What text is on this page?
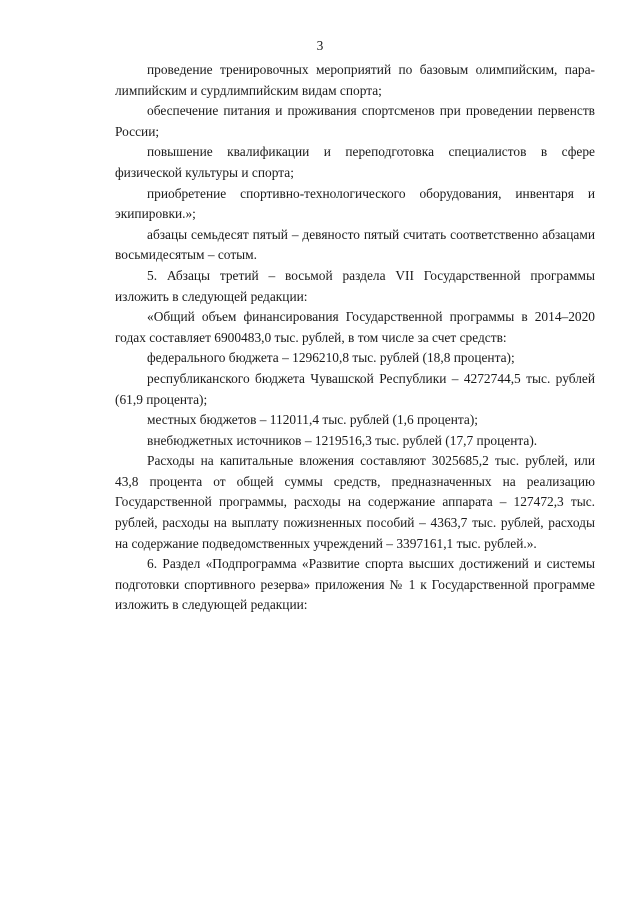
3

проведение тренировочных мероприятий по базовым олимпийским, пара-лимпийским и сурдлимпийским видам спорта;

обеспечение питания и проживания спортсменов при проведении первенств России;

повышение квалификации и переподготовка специалистов в сфере физической культуры и спорта;

приобретение спортивно-технологического оборудования, инвентаря и экипировки.»;

абзацы семьдесят пятый – девяносто пятый считать соответственно абзацами восьмидесятым – сотым.

5. Абзацы третий – восьмой раздела VII Государственной программы изложить в следующей редакции:

«Общий объем финансирования Государственной программы в 2014–2020 годах составляет 6900483,0 тыс. рублей, в том числе за счет средств:

федерального бюджета – 1296210,8 тыс. рублей (18,8 процента);

республиканского бюджета Чувашской Республики – 4272744,5 тыс. рублей (61,9 процента);

местных бюджетов – 112011,4 тыс. рублей (1,6 процента);

внебюджетных источников – 1219516,3 тыс. рублей (17,7 процента).

Расходы на капитальные вложения составляют 3025685,2 тыс. рублей, или 43,8 процента от общей суммы средств, предназначенных на реализацию Государственной программы, расходы на содержание аппарата – 127472,3 тыс. рублей, расходы на выплату пожизненных пособий – 4363,7 тыс. рублей, расходы на содержание подведомственных учреждений – 3397161,1 тыс. рублей.».

6. Раздел «Подпрограмма «Развитие спорта высших достижений и системы подготовки спортивного резерва» приложения № 1 к Государственной программе изложить в следующей редакции:
